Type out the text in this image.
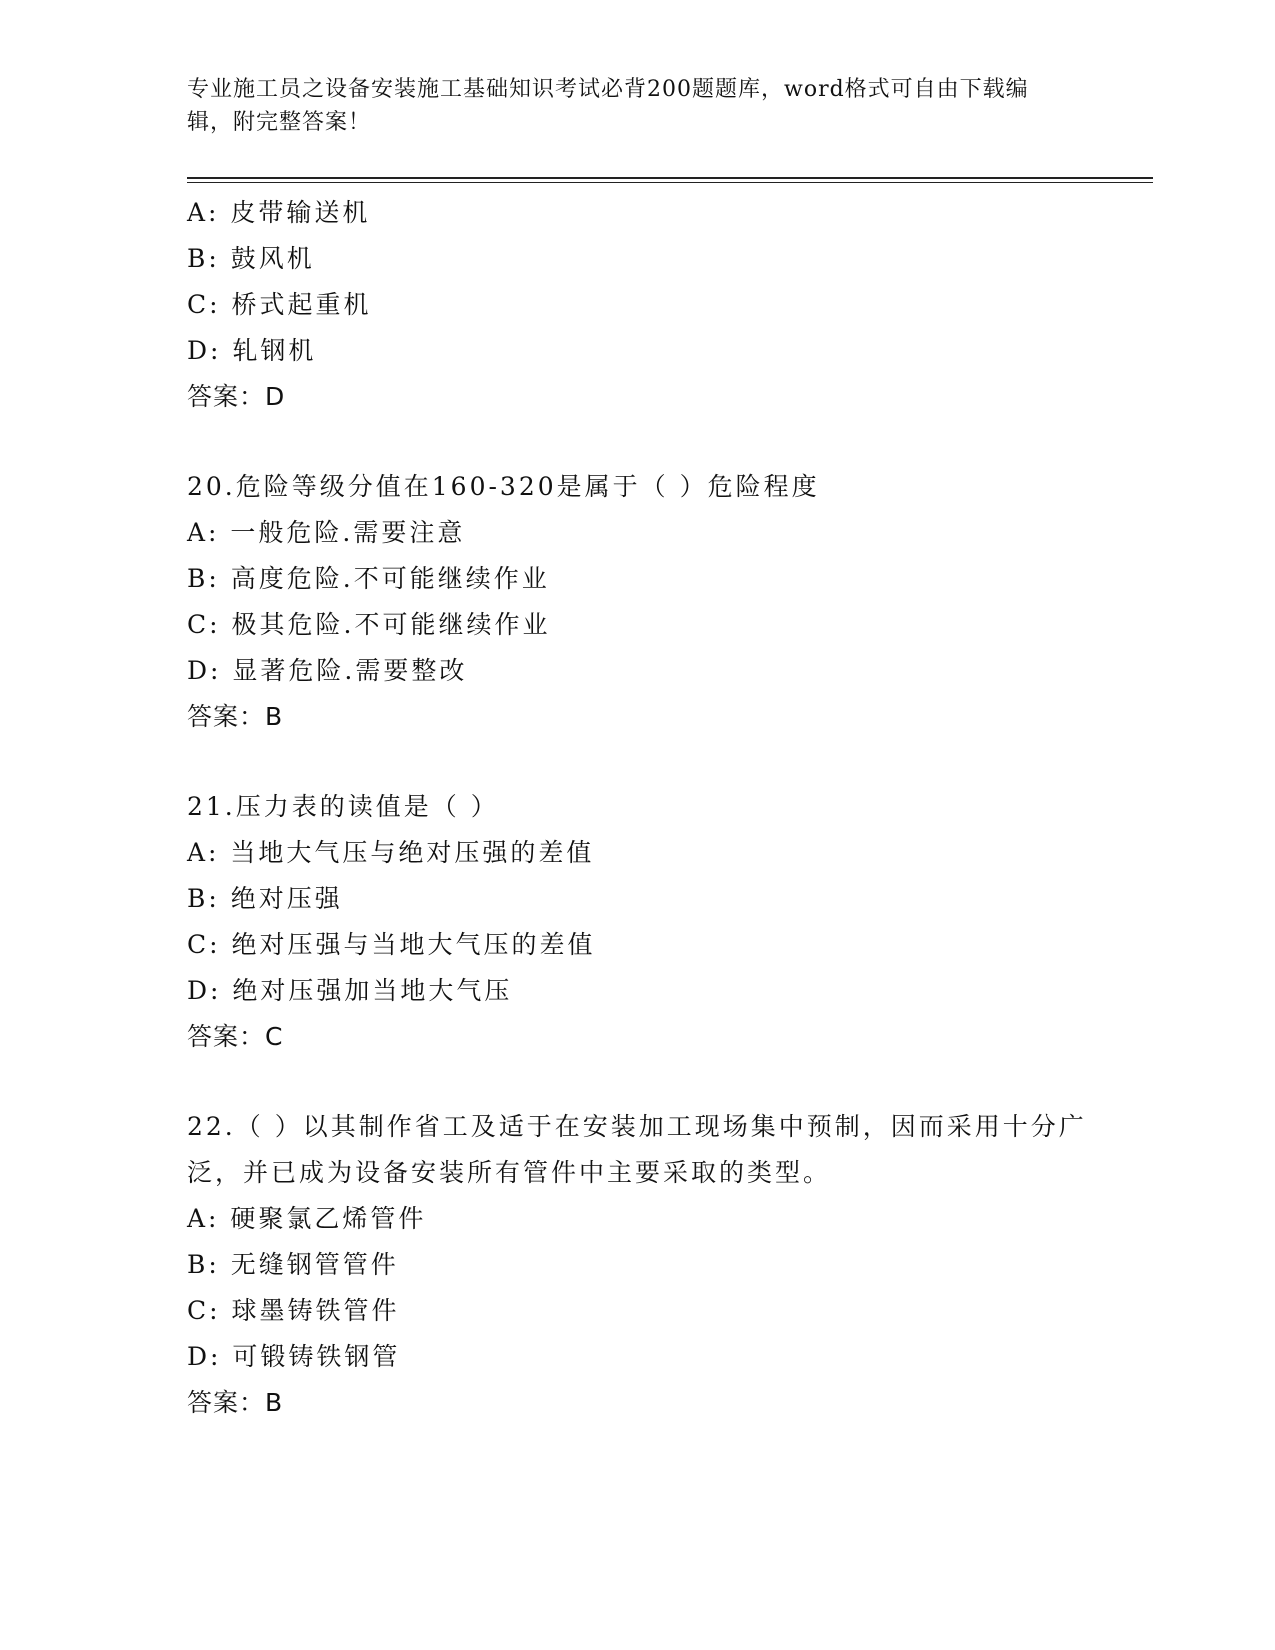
专业施工员之设备安装施工基础知识考试必背200题题库，word格式可自由下载编辑，附完整答案！
A: 皮带输送机
B: 鼓风机
C: 桥式起重机
D: 轧钢机
答案：D
20.危险等级分值在160-320是属于（ ）危险程度
A: 一般危险.需要注意
B: 高度危险.不可能继续作业
C: 极其危险.不可能继续作业
D: 显著危险.需要整改
答案：B
21.压力表的读值是（ ）
A: 当地大气压与绝对压强的差值
B: 绝对压强
C: 绝对压强与当地大气压的差值
D: 绝对压强加当地大气压
答案：C
22.（ ）以其制作省工及适于在安装加工现场集中预制，因而采用十分广泛，并已成为设备安装所有管件中主要采取的类型。
A: 硬聚氯乙烯管件
B: 无缝钢管管件
C: 球墨铸铁管件
D: 可锻铸铁钢管
答案：B
